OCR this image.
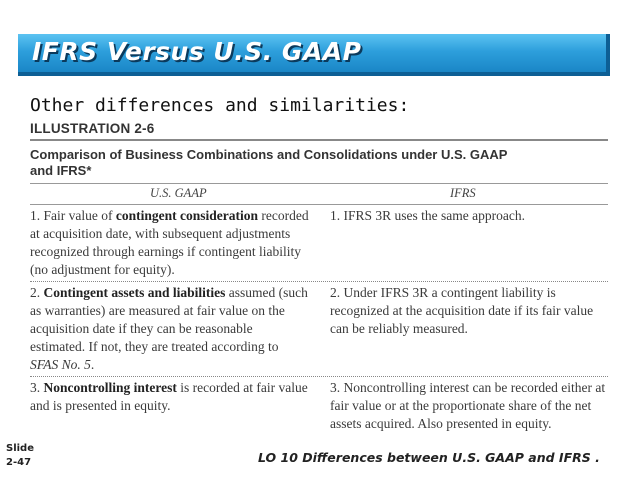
IFRS Versus U.S. GAAP
Other differences and similarities:
ILLUSTRATION 2-6
Comparison of Business Combinations and Consolidations under U.S. GAAP
and IFRS*
U.S. GAAP	IFRS
1. Fair value of contingent consideration recorded at acquisition date, with subsequent adjustments recognized through earnings if contingent liability (no adjustment for equity).
1. IFRS 3R uses the same approach.
2. Contingent assets and liabilities assumed (such as warranties) are measured at fair value on the acquisition date if they can be reasonable estimated. If not, they are treated according to SFAS No. 5.
2. Under IFRS 3R a contingent liability is recognized at the acquisition date if its fair value can be reliably measured.
3. Noncontrolling interest is recorded at fair value and is presented in equity.
3. Noncontrolling interest can be recorded either at fair value or at the proportionate share of the net assets acquired. Also presented in equity.
Slide
2-47	LO 10 Differences between U.S. GAAP and IFRS .
